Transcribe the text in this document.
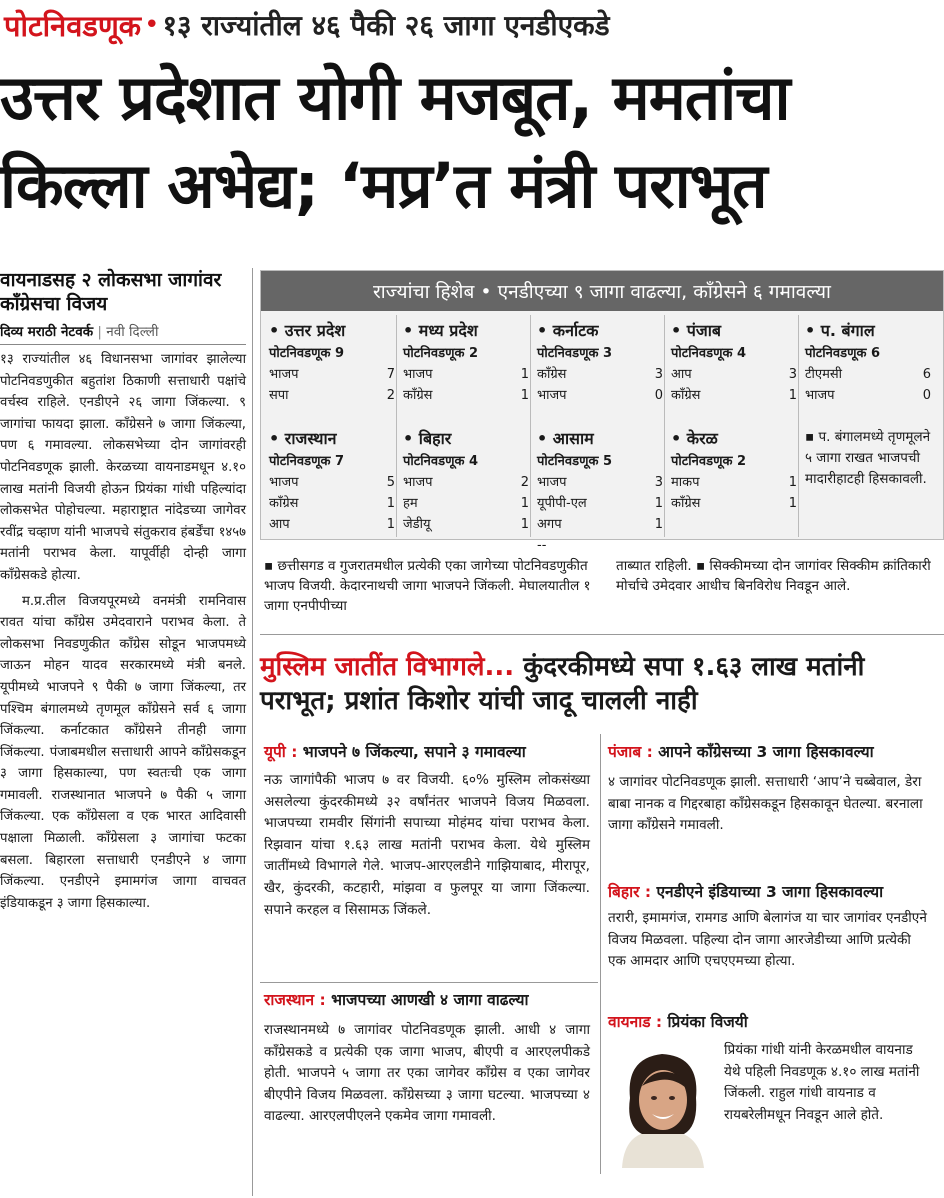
पोटनिवडणूक • १३ राज्यांतील ४६ पैकी २६ जागा एनडीएकडे
उत्तर प्रदेशात योगी मजबूत, ममतांचा
किल्ला अभेद्य; ‘मप्र’त मंत्री पराभूत
वायनाडसह २ लोकसभा जागांवर काँग्रेसचा विजय
दिव्य मराठी नेटवर्क | नवी दिल्ली

१३ राज्यांतील ४६ विधानसभा जागांवर झालेल्या पोटनिवडणुकीत बहुतांश ठिकाणी सत्ताधारी पक्षांचे वर्चस्व राहिले. एनडीएने २६ जागा जिंकल्या. ९ जागांचा फायदा झाला. काँग्रेसने ७ जागा जिंकल्या, पण ६ गमावल्या. लोकसभेच्या दोन जागांवरही पोटनिवडणूक झाली. केरळच्या वायनाडमधून ४.१० लाख मतांनी विजयी होऊन प्रियंका गांधी पहिल्यांदा लोकसभेत पोहोचल्या. महाराष्ट्रात नांदेडच्या जागेवर रवींद्र चव्हाण यांनी भाजपचे संतुकराव हंबर्डेंचा १४५७ मतांनी पराभव केला. यापूर्वीही दोन्ही जागा काँग्रेसकडे होत्या.

म.प्र.तील विजयपूरमध्ये वनमंत्री रामनिवास रावत यांचा काँग्रेस उमेदवाराने पराभव केला. ते लोकसभा निवडणुकीत काँग्रेस सोडून भाजपमध्ये जाऊन मोहन यादव सरकारमध्ये मंत्री बनले. यूपीमध्ये भाजपने ९ पैकी ७ जागा जिंकल्या, तर पश्चिम बंगालमध्ये तृणमूल काँग्रेसने सर्व ६ जागा जिंकल्या. कर्नाटकात काँग्रेसने तीनही जागा जिंकल्या. पंजाबमधील सत्ताधारी आपने काँग्रेसकडून ३ जागा हिसकाल्या, पण स्वतःची एक जागा गमावली. राजस्थानात भाजपने ७ पैकी ५ जागा जिंकल्या. एक काँग्रेसला व एक भारत आदिवासी पक्षाला मिळाली. काँग्रेसला ३ जागांचा फटका बसला. बिहारला सत्ताधारी एनडीएने ४ जागा जिंकल्या. एनडीएने इमामगंज जागा वाचवत इंडियाकडून ३ जागा हिसकाल्या.

राज्यांचा हिशेब • एनडीएच्या ९ जागा वाढल्या, काँग्रेसने ६ गमावल्या
• उत्तर प्रदेश
पोटनिवडणूक 9
भाजप	7
सपा	2
• मध्य प्रदेश
पोटनिवडणूक 2
भाजप	1
काँग्रेस	1
• कर्नाटक
पोटनिवडणूक 3
काँग्रेस	3
भाजप	0
• पंजाब
पोटनिवडणूक 4
आप	3
काँग्रेस	1
• प. बंगाल
पोटनिवडणूक 6
टीएमसी	6
भाजप	0
• राजस्थान
पोटनिवडणूक 7
भाजप	5
काँग्रेस	1
आप	1
• बिहार
पोटनिवडणूक 4
भाजप	2
हम	1
जेडीयू	1
• आसाम
पोटनिवडणूक 5
भाजप	3
यूपीपी-एल	1
अगप	1
--
• केरळ
पोटनिवडणूक 2
माकप	1
काँग्रेस	1
▪ प. बंगालमध्ये तृणमूलने ५ जागा राखत भाजपची मादारीहाटही हिसकावली.
▪ छत्तीसगड व गुजरातमधील प्रत्येकी एका जागेच्या पोटनिवडणुकीत भाजप विजयी. केदारनाथची जागा भाजपने जिंकली. मेघालयातील १ जागा एनपीपीच्या
ताब्यात राहिली. ▪ सिक्कीमच्या दोन जागांवर सिक्कीम क्रांतिकारी मोर्चाचे उमेदवार आधीच बिनविरोध निवडून आले.
मुस्लिम जातींत विभागले... कुंदरकीमध्ये सपा १.६३ लाख मतांनी पराभूत; प्रशांत किशोर यांची जादू चालली नाही
यूपी : भाजपने ७ जिंकल्या, सपाने ३ गमावल्या
नऊ जागांपैकी भाजप ७ वर विजयी. ६०% मुस्लिम लोकसंख्या असलेल्या कुंदरकीमध्ये ३२ वर्षांनंतर भाजपने विजय मिळवला. भाजपच्या रामवीर सिंगांनी सपाच्या मोहंमद यांचा पराभव केला. रिझवान यांचा १.६३ लाख मतांनी पराभव केला. येथे मुस्लिम जातींमध्ये विभागले गेले. भाजप-आरएलडीने गाझियाबाद, मीरापूर, खैर, कुंदरकी, कटहारी, मांझवा व फुलपूर या जागा जिंकल्या. सपाने करहल व सिसामऊ जिंकले.
राजस्थान : भाजपच्या आणखी ४ जागा वाढल्या
राजस्थानमध्ये ७ जागांवर पोटनिवडणूक झाली. आधी ४ जागा काँग्रेसकडे व प्रत्येकी एक जागा भाजप, बीएपी व आरएलपीकडे होती. भाजपने ५ जागा तर एका जागेवर काँग्रेस व एका जागेवर बीएपीने विजय मिळवला. काँग्रेसच्या ३ जागा घटल्या. भाजपच्या ४ वाढल्या. आरएलपीएलने एकमेव जागा गमावली.
पंजाब : आपने काँग्रेसच्या 3 जागा हिसकावल्या
४ जागांवर पोटनिवडणूक झाली. सत्ताधारी ‘आप’ने चब्बेवाल, डेरा बाबा नानक व गिद्दरबाहा काँग्रेसकडून हिसकावून घेतल्या. बरनाला जागा काँग्रेसने गमावली.
बिहार : एनडीएने इंडियाच्या 3 जागा हिसकावल्या
तरारी, इमामगंज, रामगड आणि बेलागंज या चार जागांवर एनडीएने विजय मिळवला. पहिल्या दोन जागा आरजेडीच्या आणि प्रत्येकी एक आमदार आणि एचएएमच्या होत्या.
वायनाड : प्रियंका विजयी
प्रियंका गांधी यांनी केरळमधील वायनाड येथे पहिली निवडणूक ४.१० लाख मतांनी जिंकली. राहुल गांधी वायनाड व रायबरेलीमधून निवडून आले होते.
